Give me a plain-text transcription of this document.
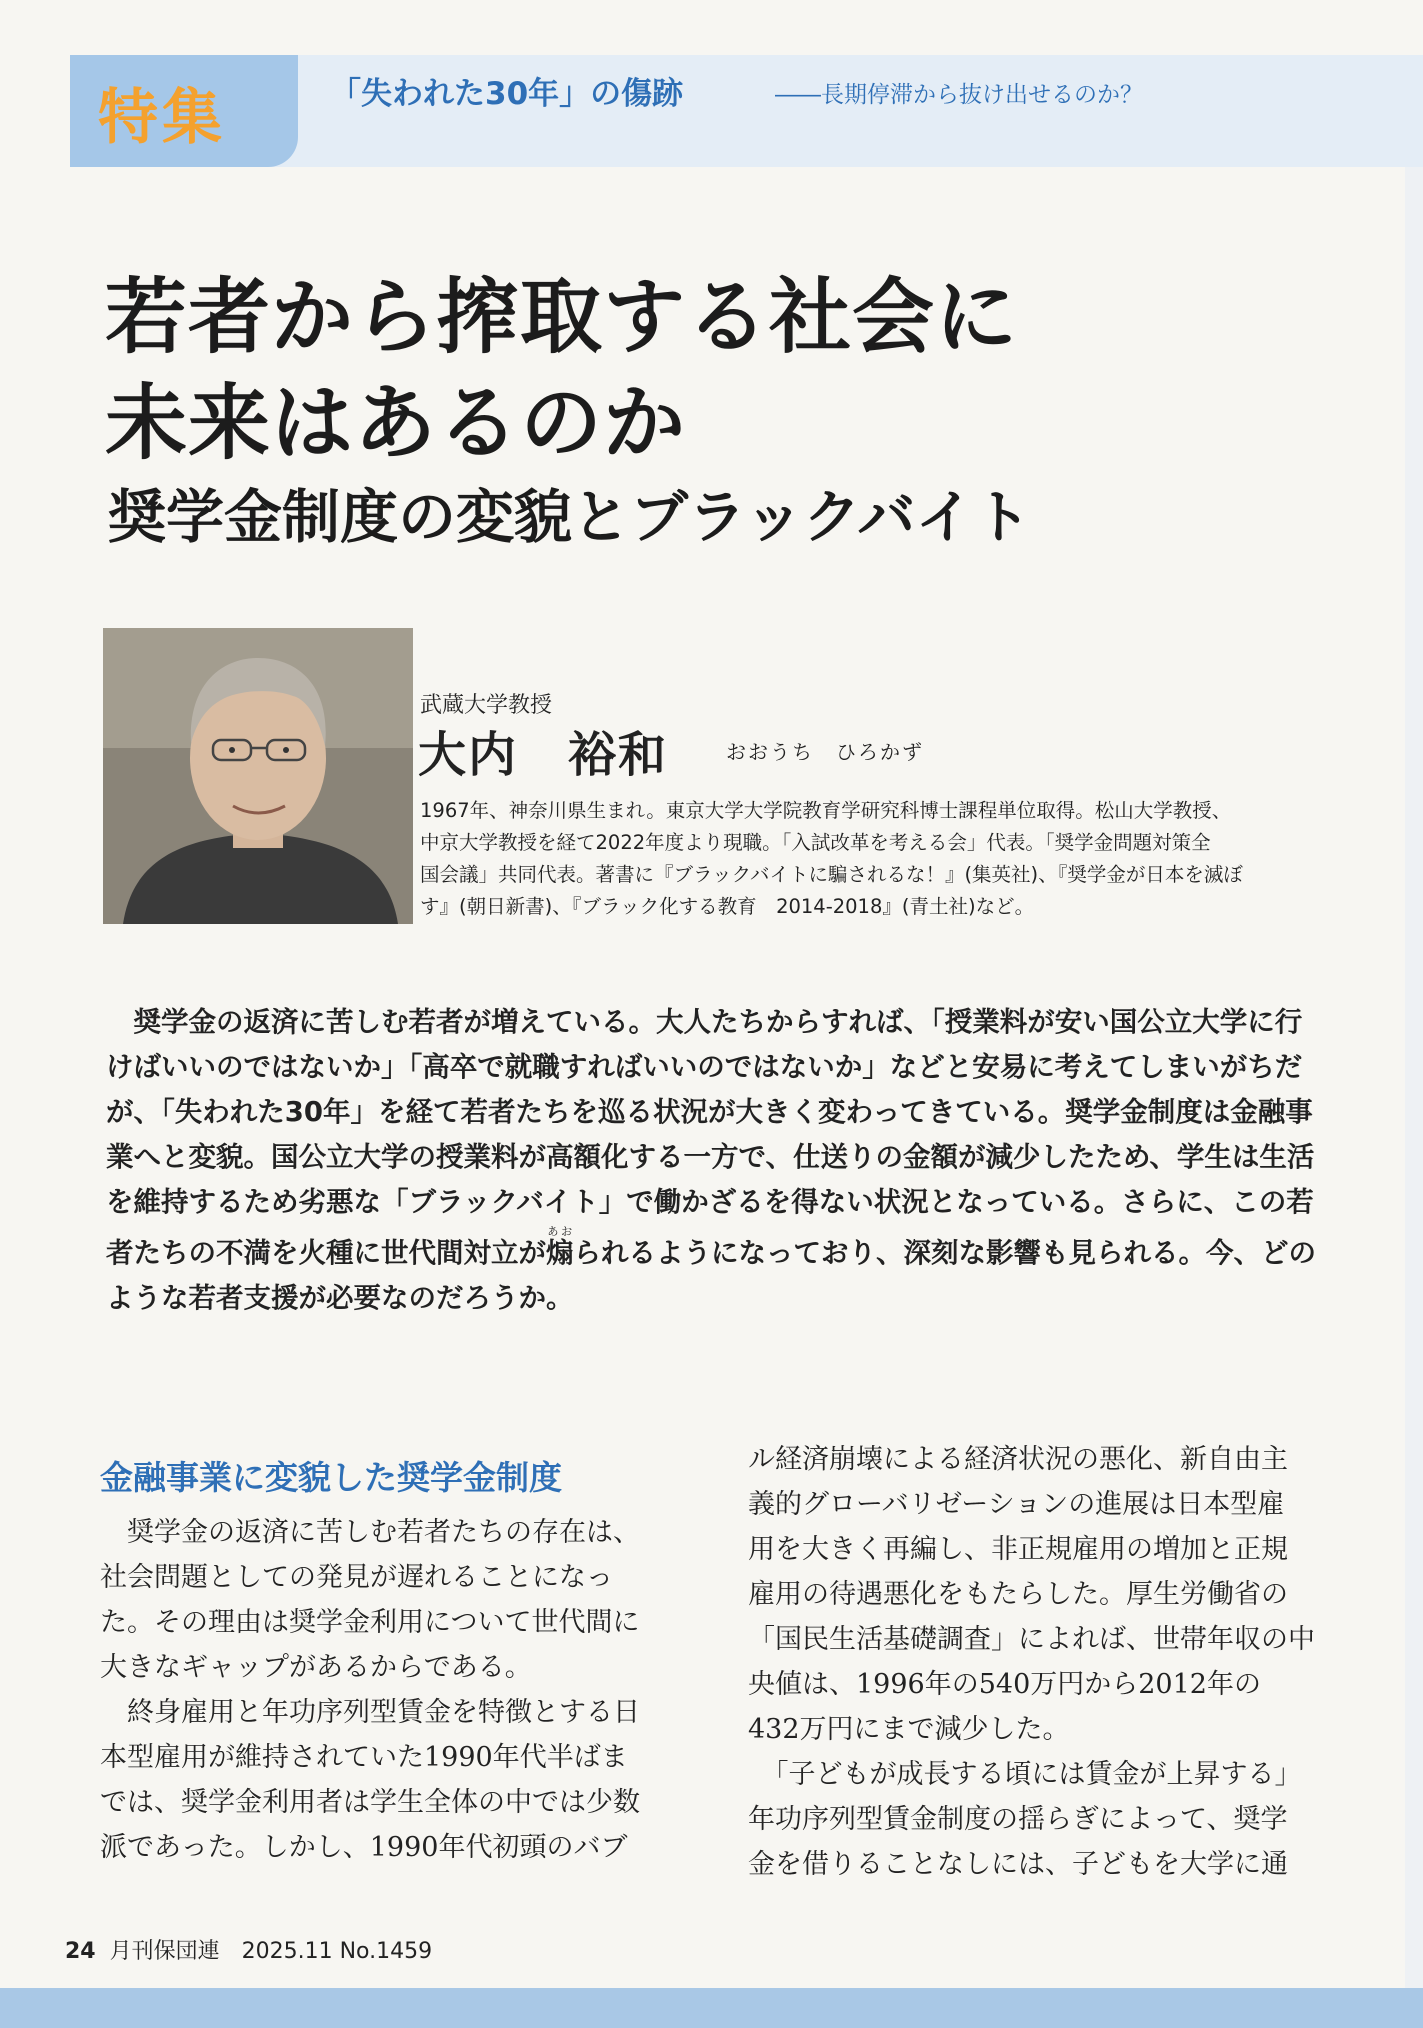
特集	「失われた30年」の傷跡	――長期停滞から抜け出せるのか？
若者から搾取する社会に
未来はあるのか
奨学金制度の変貌とブラックバイト
武蔵大学教授
大内　裕和	おおうち　ひろかず
1967年、神奈川県生まれ。東京大学大学院教育学研究科博士課程単位取得。松山大学教授、
中京大学教授を経て2022年度より現職。「入試改革を考える会」代表。「奨学金問題対策全
国会議」共同代表。著書に『ブラックバイトに騙されるな！』(集英社)、『奨学金が日本を滅ぼ
す』(朝日新書)、『ブラック化する教育　2014-2018』(青土社)など。
　奨学金の返済に苦しむ若者が増えている。大人たちからすれば、「授業料が安い国公立大学に行
けばいいのではないか」「高卒で就職すればいいのではないか」などと安易に考えてしまいがちだ
が、「失われた30年」を経て若者たちを巡る状況が大きく変わってきている。奨学金制度は金融事
業へと変貌。国公立大学の授業料が高額化する一方で、仕送りの金額が減少したため、学生は生活
を維持するため劣悪な「ブラックバイト」で働かざるを得ない状況となっている。さらに、この若
者たちの不満を火種に世代間対立が煽あおられるようになっており、深刻な影響も見られる。今、どの
ような若者支援が必要なのだろうか。
金融事業に変貌した奨学金制度
　奨学金の返済に苦しむ若者たちの存在は、
社会問題としての発見が遅れることになっ
た。その理由は奨学金利用について世代間に
大きなギャップがあるからである。
　終身雇用と年功序列型賃金を特徴とする日
本型雇用が維持されていた1990年代半ばま
では、奨学金利用者は学生全体の中では少数
派であった。しかし、1990年代初頭のバブ
ル経済崩壊による経済状況の悪化、新自由主
義的グローバリゼーションの進展は日本型雇
用を大きく再編し、非正規雇用の増加と正規
雇用の待遇悪化をもたらした。厚生労働省の
「国民生活基礎調査」によれば、世帯年収の中
央値は、1996年の540万円から2012年の
432万円にまで減少した。
　「子どもが成長する頃には賃金が上昇する」
年功序列型賃金制度の揺らぎによって、奨学
金を借りることなしには、子どもを大学に通
24 月刊保団連　2025.11 No.1459
